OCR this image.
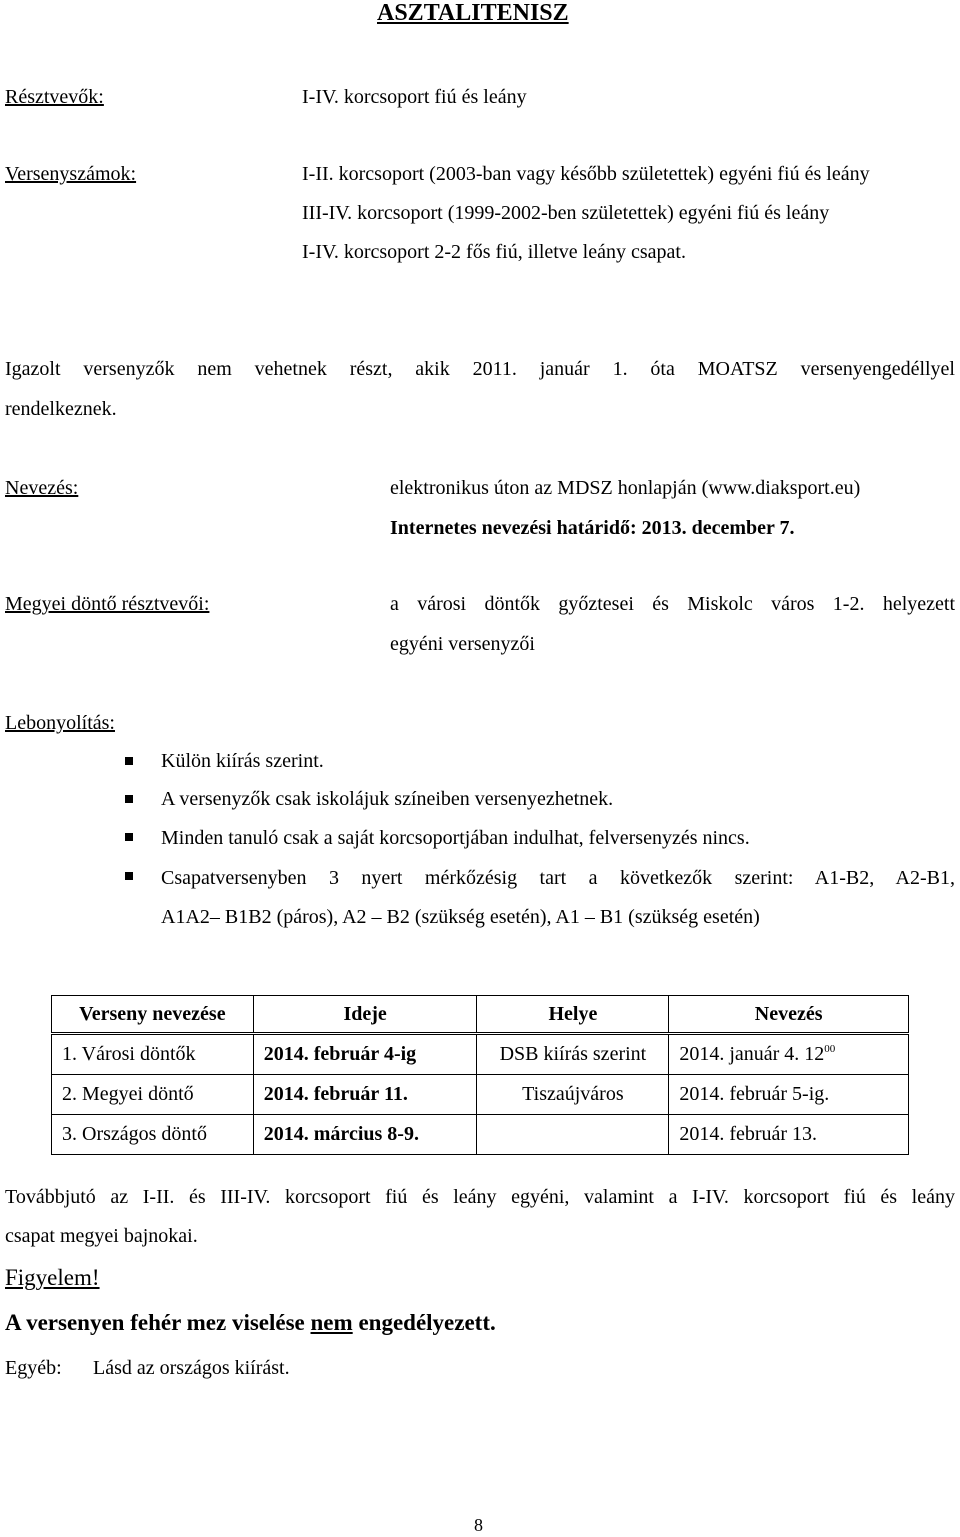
ASZTALITENISZ
Résztvevők:	I-IV. korcsoport fiú és leány
Versenyszámok:	I-II. korcsoport (2003-ban vagy később születettek) egyéni fiú és leány
III-IV. korcsoport (1999-2002-ben születettek) egyéni fiú és leány
I-IV. korcsoport 2-2 fős fiú, illetve leány csapat.
Igazolt versenyzők nem vehetnek részt, akik 2011. január 1. óta MOATSZ versenyengedéllyel
rendelkeznek.
Nevezés:	elektronikus úton az MDSZ honlapján (www.diaksport.eu)
Internetes nevezési határidő: 2013. december 7.
Megyei döntő résztvevői:	a városi döntők győztesei és Miskolc város 1-2. helyezett
egyéni versenyzői
Lebonyolítás:
Külön kiírás szerint.
A versenyzők csak iskolájuk színeiben versenyezhetnek.
Minden tanuló csak a saját korcsoportjában indulhat, felversenyzés nincs.
Csapatversenyben 3 nyert mérkőzésig tart a következők szerint: A1-B2, A2-B1,
A1A2– B1B2 (páros), A2 – B2 (szükség esetén), A1 – B1 (szükség esetén)
Verseny nevezése	Ideje	Helye	Nevezés
1. Városi döntők	2014. február 4-ig	DSB kiírás szerint	2014. január 4. $12^{00}$
2. Megyei döntő	2014. február 11.	Tiszaújváros	2014. február 5-ig.
3. Országos döntő	2014. március 8-9.		2014. február 13.
Továbbjutó az I-II. és III-IV. korcsoport fiú és leány egyéni, valamint a I-IV. korcsoport fiú és leány
csapat megyei bajnokai.
Figyelem!
A versenyen fehér mez viselése nem engedélyezett.
Egyéb: Lásd az országos kiírást.
8
